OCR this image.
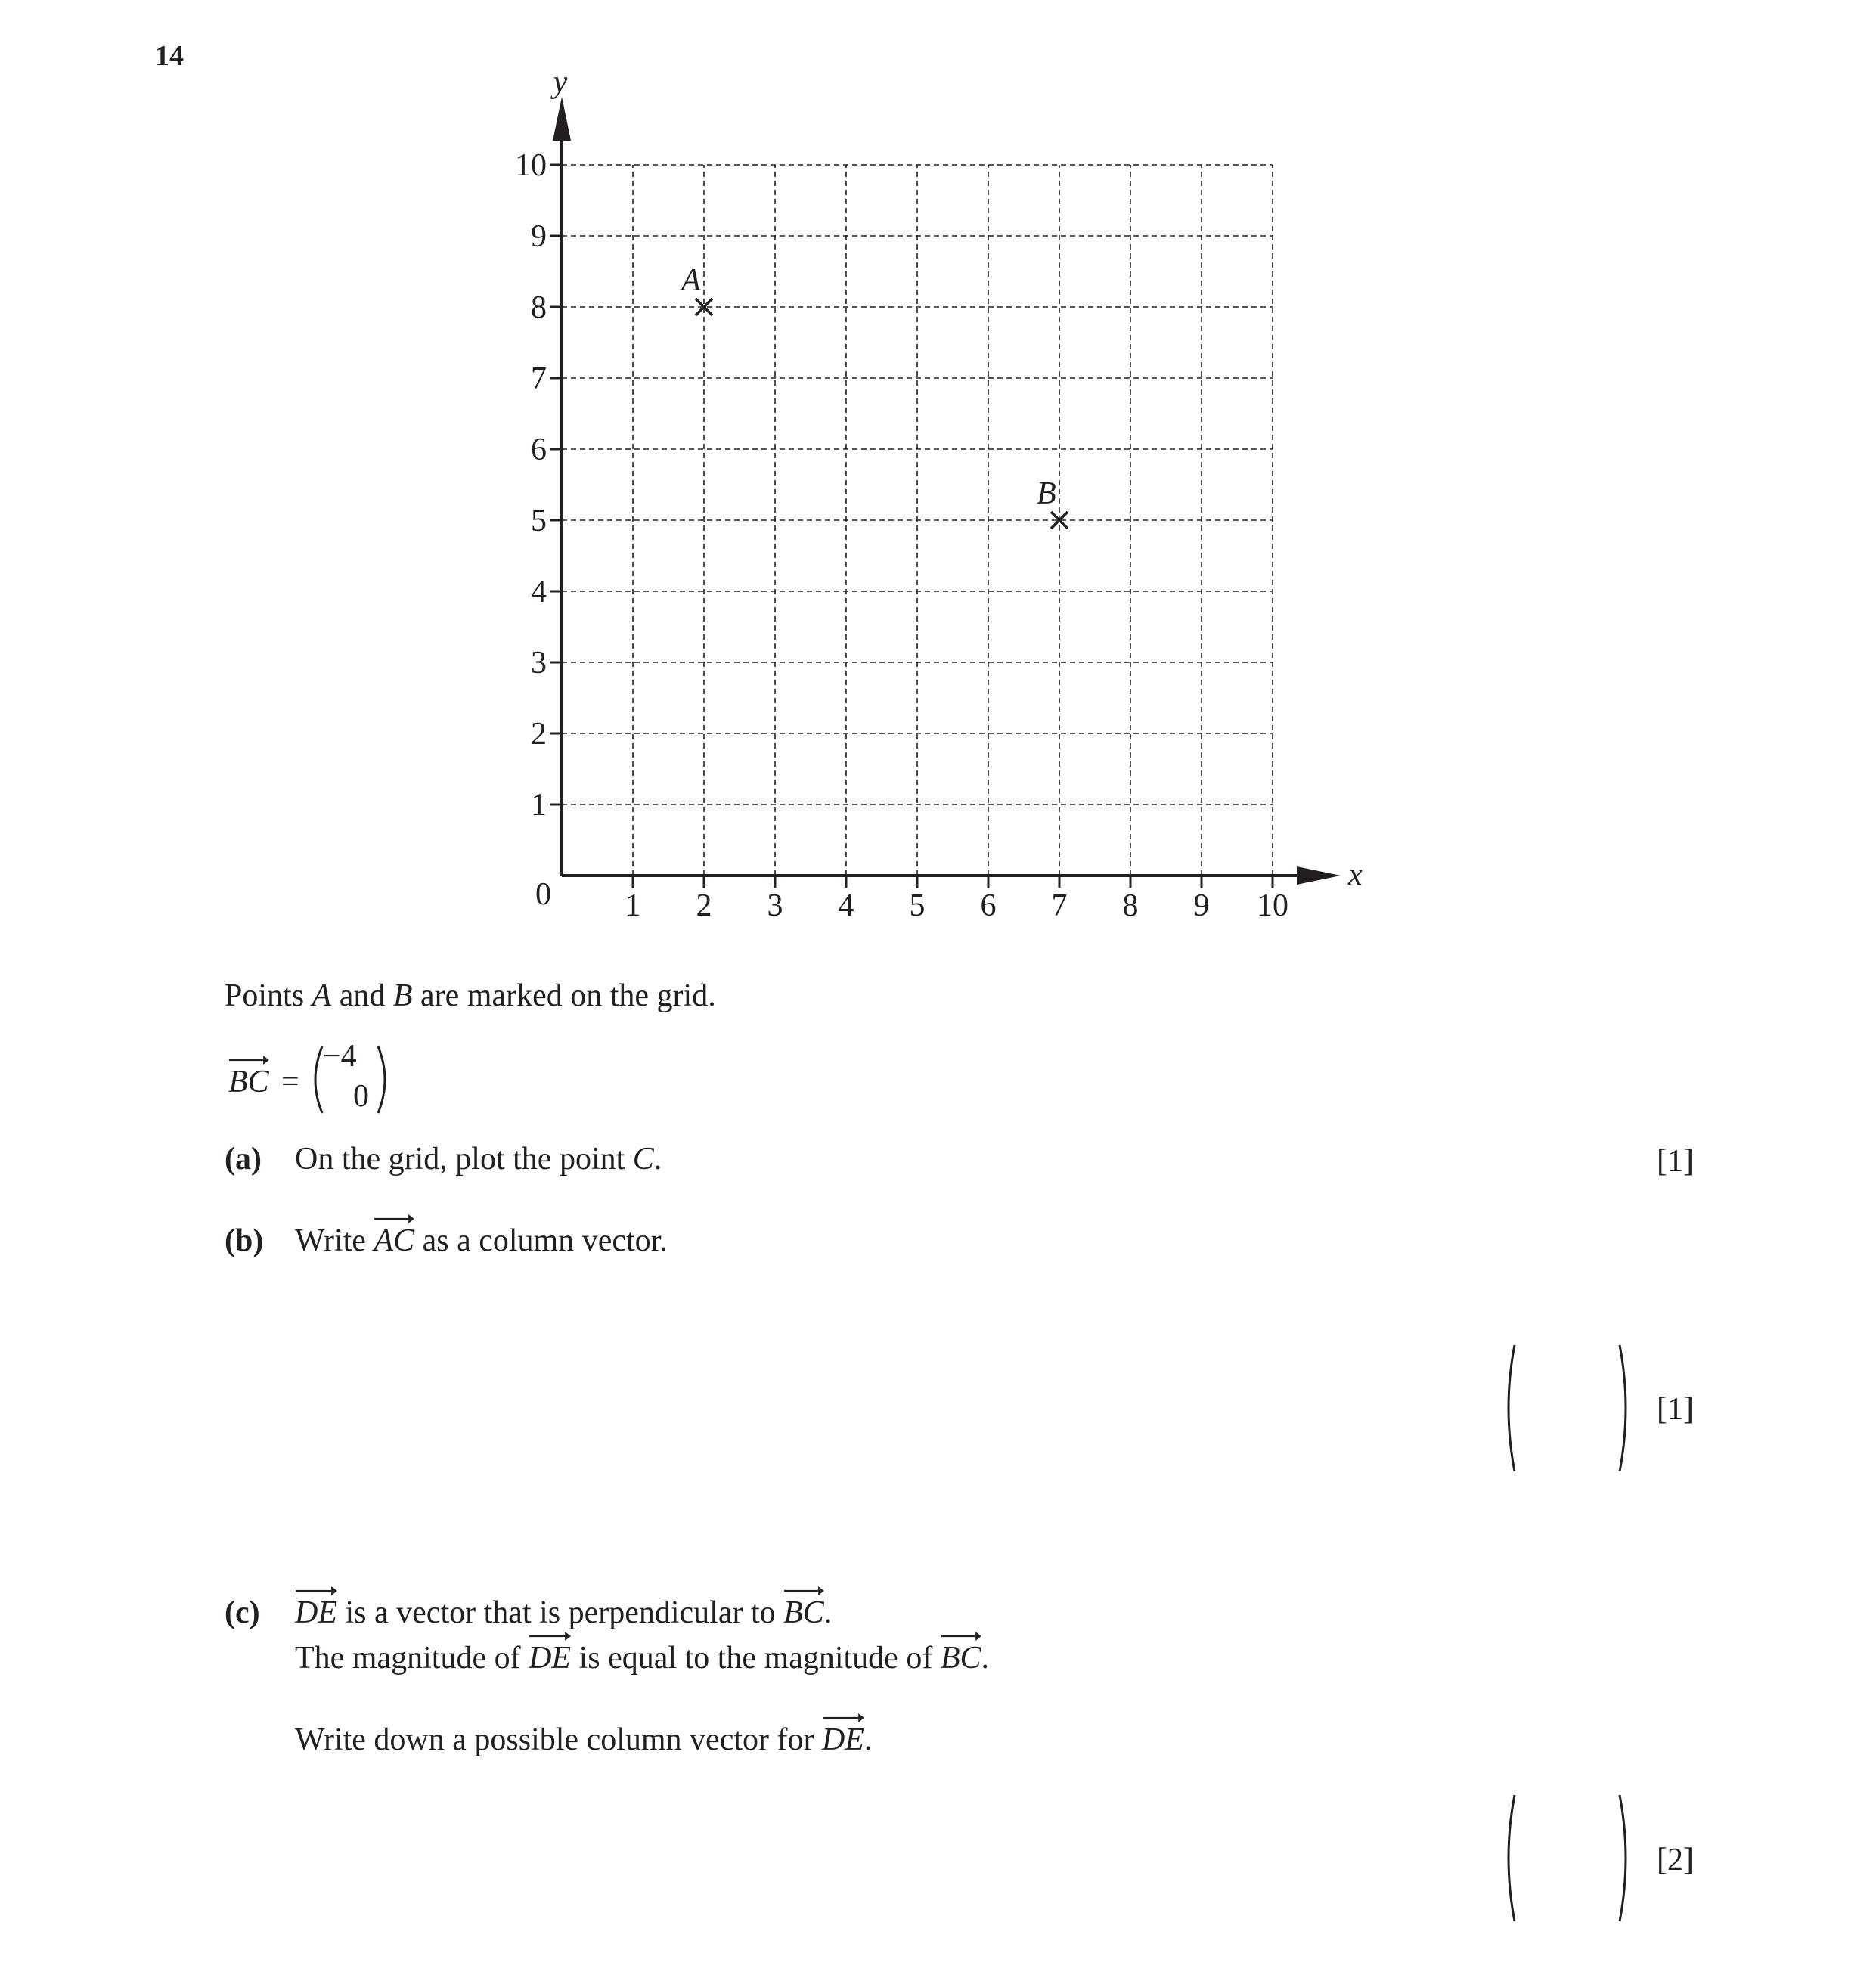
14
1 2 3 4 5 6 7 8 9 10
1
2
3
4
5
6
7
8
9
10
0
x
y
A
B
Points A and B are marked on the grid.
BC =
−4
0
(a) On the grid, plot the point C.	[1]
(b) Write AC
as a column vector.
[1]
(c) DE
is a vector that is perpendicular to BC
.
The magnitude of DE
is equal to the magnitude of BC
.
Write down a possible column vector for DE
.
[2]
